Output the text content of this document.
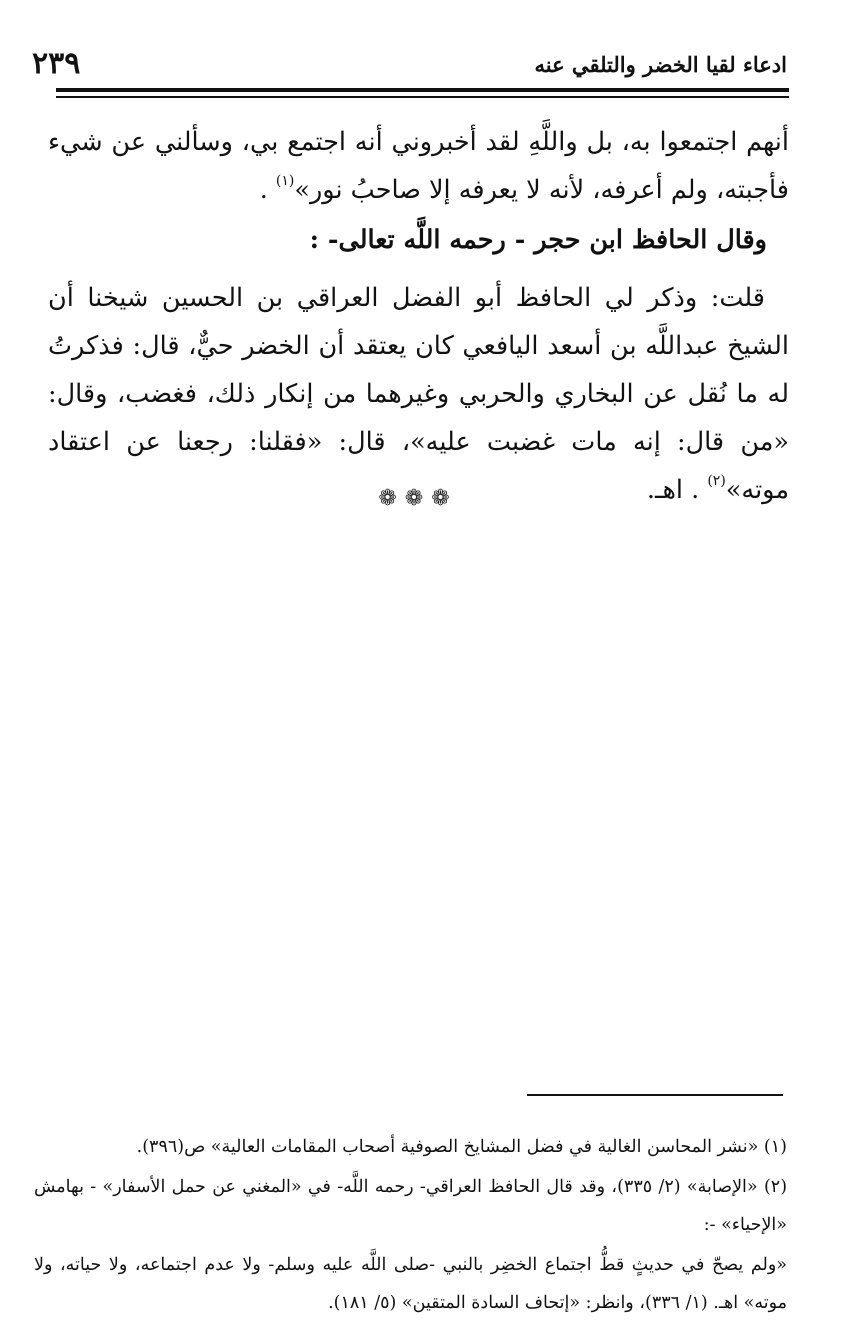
٢٣٩	ادعاء لقيا الخضر والتلقي عنه

أنهم اجتمعوا به، بل واللَّهِ لقد أخبروني أنه اجتمع بي، وسألني عن شيء فأجبته، ولم أعرفه، لأنه لا يعرفه إلا صاحبُ نور»$^{(١)}$ .

وقال الحافظ ابن حجر - رحمه اللَّه تعالى- :

قلت: وذكر لي الحافظ أبو الفضل العراقي بن الحسين شيخنا أن الشيخ عبداللَّه بن أسعد اليافعي كان يعتقد أن الخضر حيٌّ، قال: فذكرتُ له ما نُقل عن البخاري والحربي وغيرهما من إنكار ذلك، فغضب، وقال: «من قال: إنه مات غضبت عليه»، قال: «فقلنا: رجعنا عن اعتقاد موته»$^{(٢)}$ . اهـ.

❁❁❁

(١) «نشر المحاسن الغالية في فضل المشايخ الصوفية أصحاب المقامات العالية» ص(٣٩٦).

(٢) «الإصابة» (٢/ ٣٣٥)، وقد قال الحافظ العراقي- رحمه اللَّه- في «المغني عن حمل الأسفار» - بهامش «الإحياء» -:

«ولم يصحّ في حديثٍ قطُّ اجتماع الخضِر بالنبي -صلى اللَّه عليه وسلم- ولا عدم اجتماعه، ولا حياته، ولا موته» اهـ. (١/ ٣٣٦)، وانظر: «إتحاف السادة المتقين» (٥/ ١٨١).
